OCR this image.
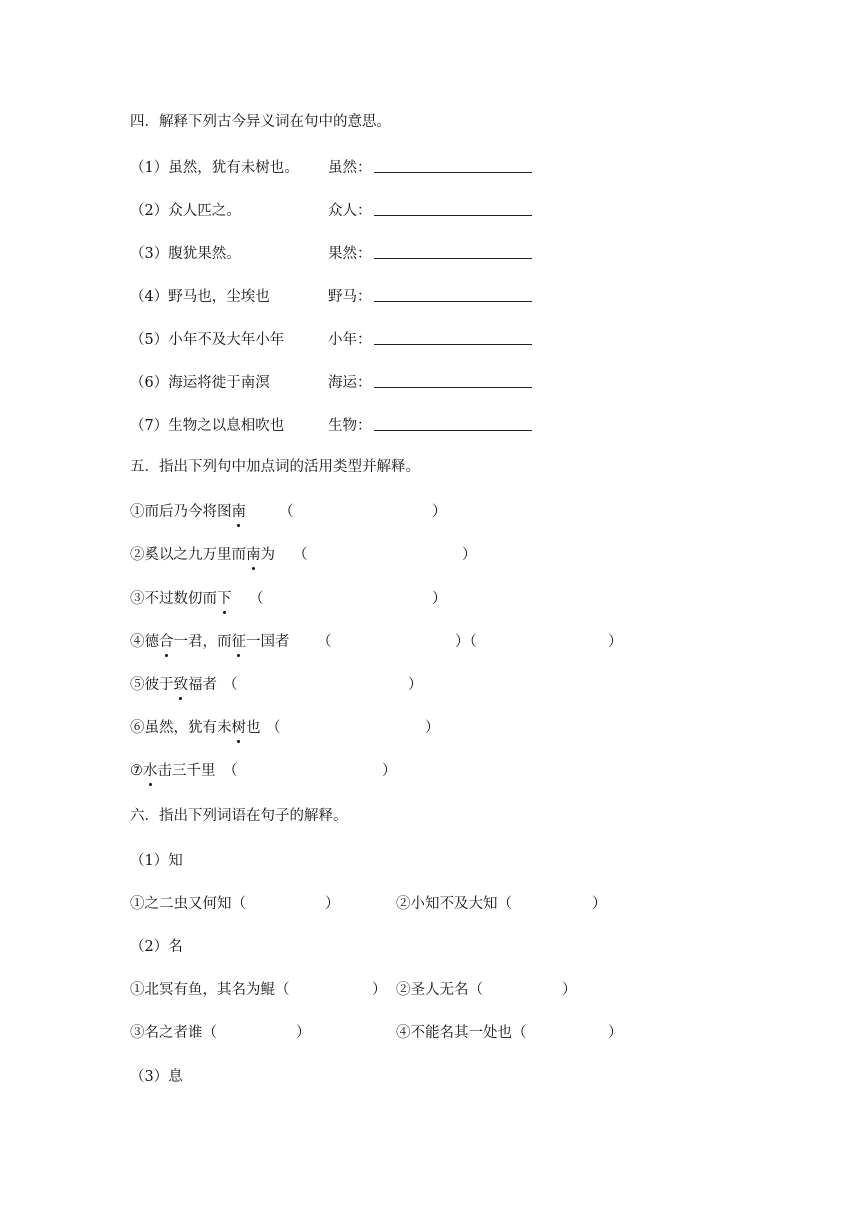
四．解释下列古今异义词在句中的意思。
（1）虽然，犹有未树也。 虽然：
（2）众人匹之。	众人：
（3）腹犹果然。	果然：
（4）野马也，尘埃也	野马：
（5）小年不及大年小年	小年：
（6）海运将徙于南溟	海运：
（7）生物之以息相吹也	生物：
五．指出下列句中加点词的活用类型并解释。
①而后乃今将图南 （	）
②奚以之九万里而南为 （	）
③不过数仞而下 （	）
④德合一君，而征一国者 （	）（	）
⑤彼于致福者 （	）
⑥虽然，犹有未树也 （	）
⑦水击三千里 （	）
六．指出下列词语在句子的解释。
（1）知
①之二虫又何知（	）	②小知不及大知（	）
（2）名
①北冥有鱼，其名为鲲（	） ②圣人无名（	）
③名之者谁（	）	④不能名其一处也（	）
（3）息
